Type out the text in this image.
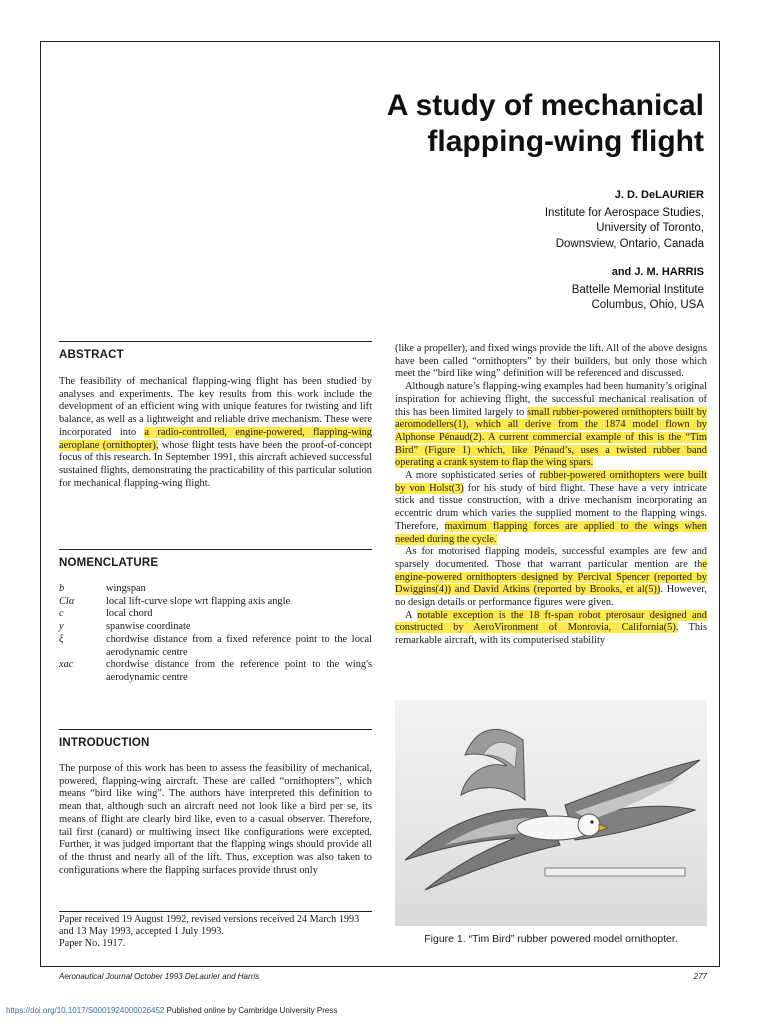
A study of mechanical
flapping-wing flight
J. D. DeLAURIER
Institute for Aerospace Studies,
University of Toronto,
Downsview, Ontario, Canada
and J. M. HARRIS
Battelle Memorial Institute
Columbus, Ohio, USA
ABSTRACT

The feasibility of mechanical flapping-wing flight has been studied by analyses and experiments. The key results from this work include the development of an efficient wing with unique features for twisting and lift balance, as well as a lightweight and reliable drive mechanism. These were incorporated into a radio-controlled, engine-powered, flapping-wing aeroplane (ornithopter), whose flight tests have been the proof-of-concept focus of this research. In September 1991, this aircraft achieved successful sustained flights, demonstrating the practicability of this particular solution for mechanical flapping-wing flight.

NOMENCLATURE
b	wingspan
Clα	local lift-curve slope wrt flapping axis angle
c	local chord
y	spanwise coordinate
ξ	chordwise distance from a fixed reference point to the local aerodynamic centre
xac	chordwise distance from the reference point to the wing's aerodynamic centre
INTRODUCTION

The purpose of this work has been to assess the feasibility of mechanical, powered, flapping-wing aircraft. These are called “ornithopters”, which means “bird like wing”. The authors have interpreted this definition to mean that, although such an aircraft need not look like a bird per se, its means of flight are clearly bird like, even to a casual observer. Therefore, tail first (canard) or multiwing insect like configurations were excepted. Further, it was judged important that the flapping wings should provide all of the thrust and nearly all of the lift. Thus, exception was also taken to configurations where the flapping surfaces provide thrust only

Paper received 19 August 1992, revised versions received 24 March 1993 and 13 May 1993, accepted 1 July 1993.
Paper No. 1917.

(like a propeller), and fixed wings provide the lift. All of the above designs have been called “ornithopters” by their builders, but only those which meet the “bird like wing” definition will be referenced and discussed.

Although nature’s flapping-wing examples had been humanity’s original inspiration for achieving flight, the successful mechanical realisation of this has been limited largely to small rubber-powered ornithopters built by aeromodellers(1), which all derive from the 1874 model flown by Alphonse Pénaud(2). A current commercial example of this is the “Tim Bird” (Figure 1) which, like Pénaud’s, uses a twisted rubber band operating a crank system to flap the wing spars.

A more sophisticated series of rubber-powered ornithopters were built by von Holst(3) for his study of bird flight. These have a very intricate stick and tissue construction, with a drive mechanism incorporating an eccentric drum which varies the supplied moment to the flapping wings. Therefore, maximum flapping forces are applied to the wings when needed during the cycle.

As for motorised flapping models, successful examples are few and sparsely documented. Those that warrant particular mention are the engine-powered ornithopters designed by Percival Spencer (reported by Dwiggins(4)) and David Atkins (reported by Brooks, et al(5)). However, no design details or performance figures were given.

A notable exception is the 18 ft-span robot pterosaur designed and constructed by AeroVironment of Monrovia, California(5). This remarkable aircraft, with its computerised stability

Figure 1. “Tim Bird” rubber powered model ornithopter.
Aeronautical Journal October 1993 DeLaurier and Harris	277
https://doi.org/10.1017/S0001924000026452 Published online by Cambridge University Press
